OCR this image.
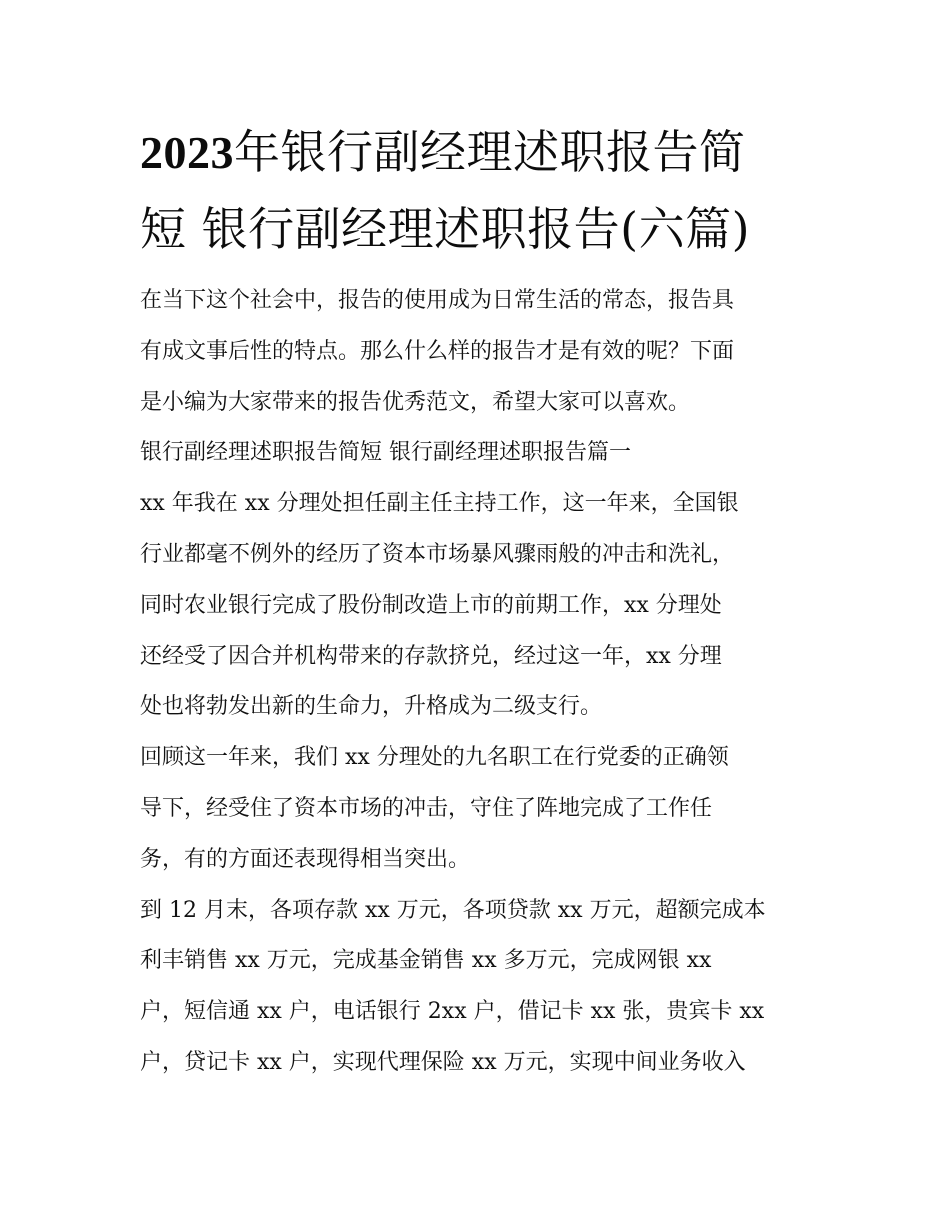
2023年银行副经理述职报告简
短 银行副经理述职报告(六篇)
在当下这个社会中，报告的使用成为日常生活的常态，报告具
有成文事后性的特点。那么什么样的报告才是有效的呢？下面
是小编为大家带来的报告优秀范文，希望大家可以喜欢。
银行副经理述职报告简短 银行副经理述职报告篇一
xx 年我在 xx 分理处担任副主任主持工作，这一年来，全国银
行业都毫不例外的经历了资本市场暴风骤雨般的冲击和洗礼，
同时农业银行完成了股份制改造上市的前期工作，xx 分理处
还经受了因合并机构带来的存款挤兑，经过这一年，xx 分理
处也将勃发出新的生命力，升格成为二级支行。
回顾这一年来，我们 xx 分理处的九名职工在行党委的正确领
导下，经受住了资本市场的冲击，守住了阵地完成了工作任
务，有的方面还表现得相当突出。
到 12 月末，各项存款 xx 万元，各项贷款 xx 万元，超额完成本
利丰销售 xx 万元，完成基金销售 xx 多万元，完成网银 xx
户，短信通 xx 户，电话银行 2xx 户，借记卡 xx 张，贵宾卡 xx
户，贷记卡 xx 户，实现代理保险 xx 万元，实现中间业务收入
